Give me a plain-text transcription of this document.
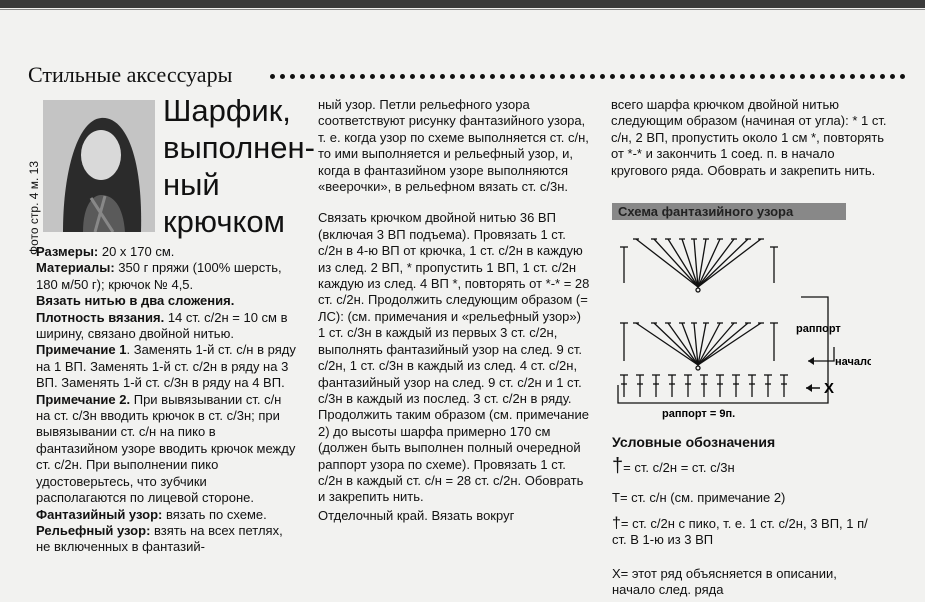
Стильные аксессуары
Фото стр. 4 м. 13
Шарфик,
выполнен-
ный
крючком

Размеры: 20 х 170 см.

Материалы: 350 г пряжи (100% шерсть, 180 м/50 г); крючок № 4,5.

Вязать нитью в два сложения.

Плотность вязания. 14 ст. с/2н = 10 см в ширину, связано двойной нитью.

Примечание 1. Заменять 1-й ст. с/н в ряду на 1 ВП. Заменять 1-й ст. с/2н в ряду на 3 ВП. Заменять 1-й ст. с/3н в ряду на 4 ВП.

Примечание 2. При вывязывании ст. с/н на ст. с/3н вводить крючок в ст. с/3н; при вывязывании ст. с/н на пико в фантазийном узоре вводить крючок между ст. с/2н. При выполнении пико удостоверьтесь, что зубчики располагаются по лицевой стороне.

Фантазийный узор: вязать по схеме.

Рельефный узор: взять на всех петлях, не включенных в фантазий-

ный узор. Петли рельефного узора соответствуют рисунку фантазийного узора, т. е. когда узор по схеме выполняется ст. с/н, то ими выполняется и рельефный узор, и, когда в фантазийном узоре выполняются «веерочки», в рельефном вязать ст. с/3н.

Связать крючком двойной нитью 36 ВП (включая 3 ВП подъема). Провязать 1 ст. с/2н в 4-ю ВП от крючка, 1 ст. с/2н в каждую из след. 2 ВП, * пропустить 1 ВП, 1 ст. с/2н каждую из след. 4 ВП *, повторять от *-* = 28 ст. с/2н. Продолжить следующим образом (= ЛС): (см. примечания и «рельефный узор») 1 ст. с/3н в каждый из первых 3 ст. с/2н, выполнять фантазийный узор на след. 9 ст. с/2н, 1 ст. с/3н в каждый из след. 4 ст. с/2н, фантазийный узор на след. 9 ст. с/2н и 1 ст. с/3н в каждый из послед. 3 ст. с/2н в ряду. Продолжить таким образом (см. примечание 2) до высоты шарфа примерно 170 см (должен быть выполнен полный очередной раппорт узора по схеме). Провязать 1 ст. с/2н в каждый ст. с/н = 28 ст. с/2н. Обоврать и закрепить нить.

Отделочный край. Вязать вокруг

всего шарфа крючком двойной нитью следующим образом (начиная от угла): * 1 ст. с/н, 2 ВП, пропустить около 1 см *, повторять от *-* и закончить 1 соед. п. в начало кругового ряда. Обоврать и закрепить нить.

Схема фантазийного узора
раппорт
начало
X
раппорт = 9п.
Условные обозначения
†= ст. с/2н = ст. с/3н
Т= ст. с/н (см. примечание 2)
†= ст. с/2н с пико, т. е. 1 ст. с/2н, 3 ВП, 1 п/ст. В 1-ю из 3 ВП
Х= этот ряд объясняется в описании, начало след. ряда
